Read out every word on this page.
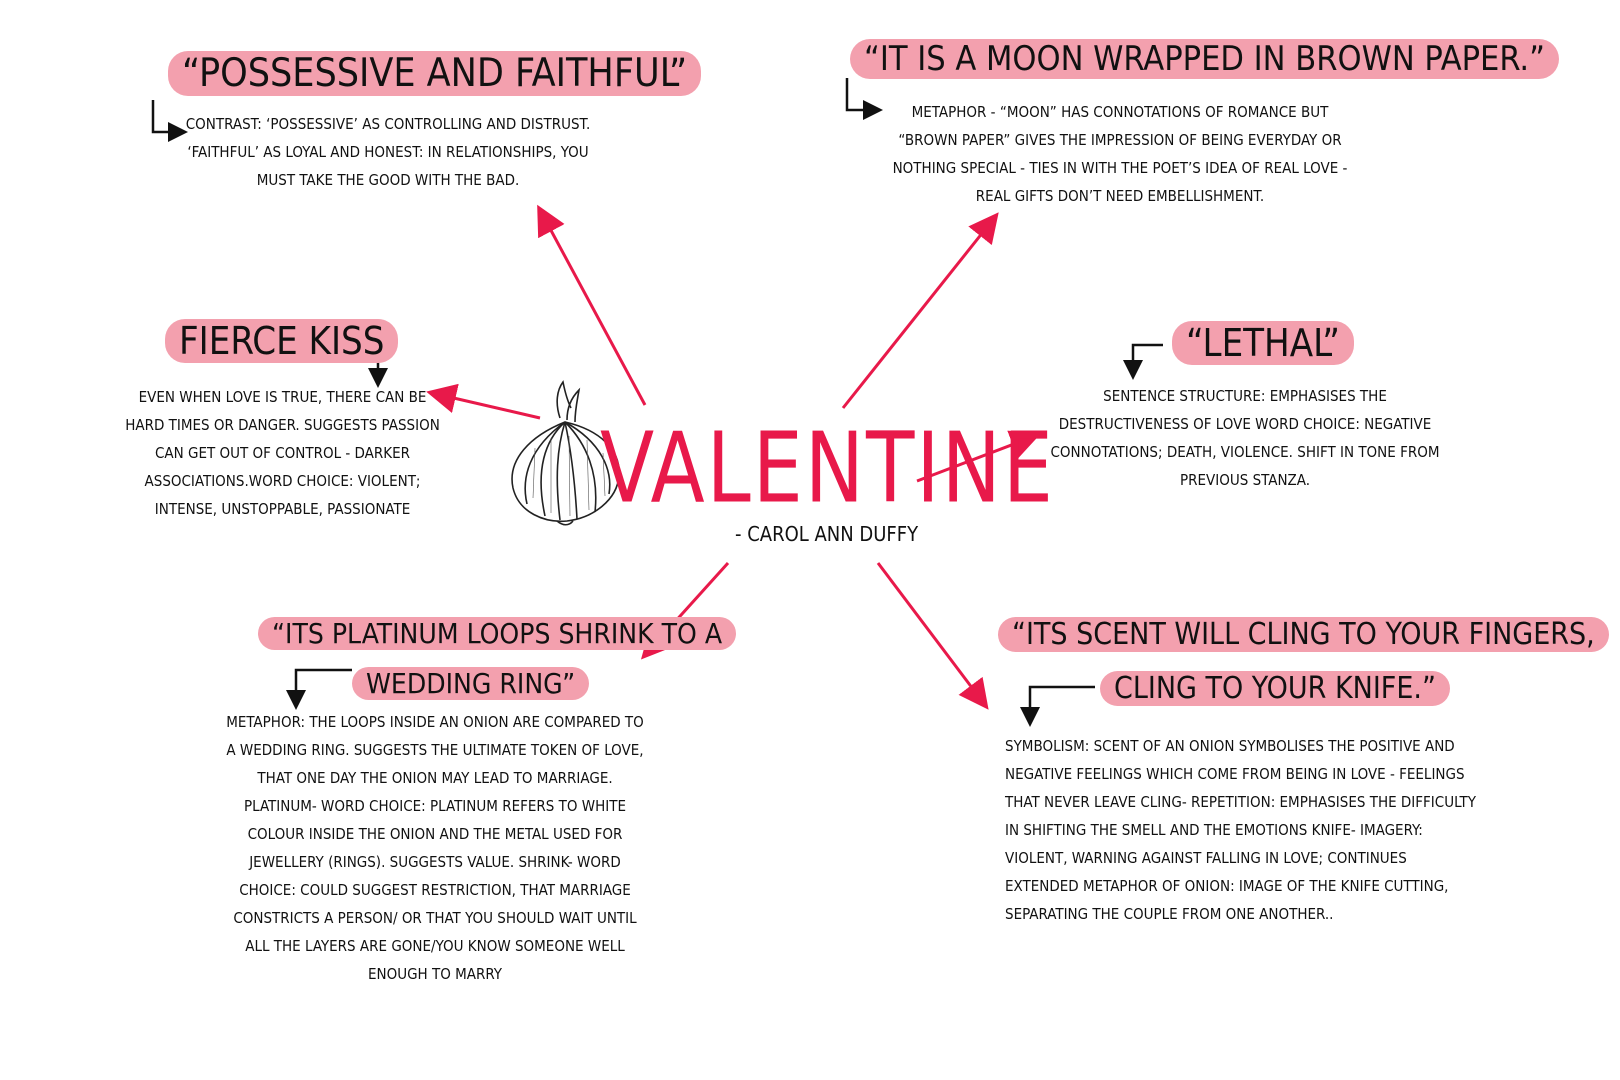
VALENTINE
- CAROL ANN DUFFY
“POSSESSIVE AND FAITHFUL”
CONTRAST: ‘POSSESSIVE’ AS CONTROLLING AND DISTRUST. ‘FAITHFUL’ AS LOYAL AND HONEST: IN RELATIONSHIPS, YOU MUST TAKE THE GOOD WITH THE BAD.
“IT IS A MOON WRAPPED IN BROWN PAPER.”
METAPHOR - “MOON” HAS CONNOTATIONS OF ROMANCE BUT “BROWN PAPER” GIVES THE IMPRESSION OF BEING EVERYDAY OR NOTHING SPECIAL - TIES IN WITH THE POET’S IDEA OF REAL LOVE - REAL GIFTS DON’T NEED EMBELLISHMENT.
FIERCE KISS
EVEN WHEN LOVE IS TRUE, THERE CAN BE HARD TIMES OR DANGER. SUGGESTS PASSION CAN GET OUT OF CONTROL - DARKER ASSOCIATIONS.WORD CHOICE: VIOLENT; INTENSE, UNSTOPPABLE, PASSIONATE
“LETHAL”
SENTENCE STRUCTURE: EMPHASISES THE DESTRUCTIVENESS OF LOVE WORD CHOICE: NEGATIVE CONNOTATIONS; DEATH, VIOLENCE. SHIFT IN TONE FROM PREVIOUS STANZA.
“ITS PLATINUM LOOPS SHRINK TO A
WEDDING RING”
METAPHOR: THE LOOPS INSIDE AN ONION ARE COMPARED TO A WEDDING RING. SUGGESTS THE ULTIMATE TOKEN OF LOVE, THAT ONE DAY THE ONION MAY LEAD TO MARRIAGE. PLATINUM- WORD CHOICE: PLATINUM REFERS TO WHITE COLOUR INSIDE THE ONION AND THE METAL USED FOR JEWELLERY (RINGS). SUGGESTS VALUE. SHRINK- WORD CHOICE: COULD SUGGEST RESTRICTION, THAT MARRIAGE CONSTRICTS A PERSON/ OR THAT YOU SHOULD WAIT UNTIL ALL THE LAYERS ARE GONE/YOU KNOW SOMEONE WELL ENOUGH TO MARRY
“ITS SCENT WILL CLING TO YOUR FINGERS,
CLING TO YOUR KNIFE.”
SYMBOLISM: SCENT OF AN ONION SYMBOLISES THE POSITIVE AND NEGATIVE FEELINGS WHICH COME FROM BEING IN LOVE - FEELINGS THAT NEVER LEAVE CLING- REPETITION: EMPHASISES THE DIFFICULTY IN SHIFTING THE SMELL AND THE EMOTIONS KNIFE- IMAGERY: VIOLENT, WARNING AGAINST FALLING IN LOVE; CONTINUES EXTENDED METAPHOR OF ONION: IMAGE OF THE KNIFE CUTTING, SEPARATING THE COUPLE FROM ONE ANOTHER..
